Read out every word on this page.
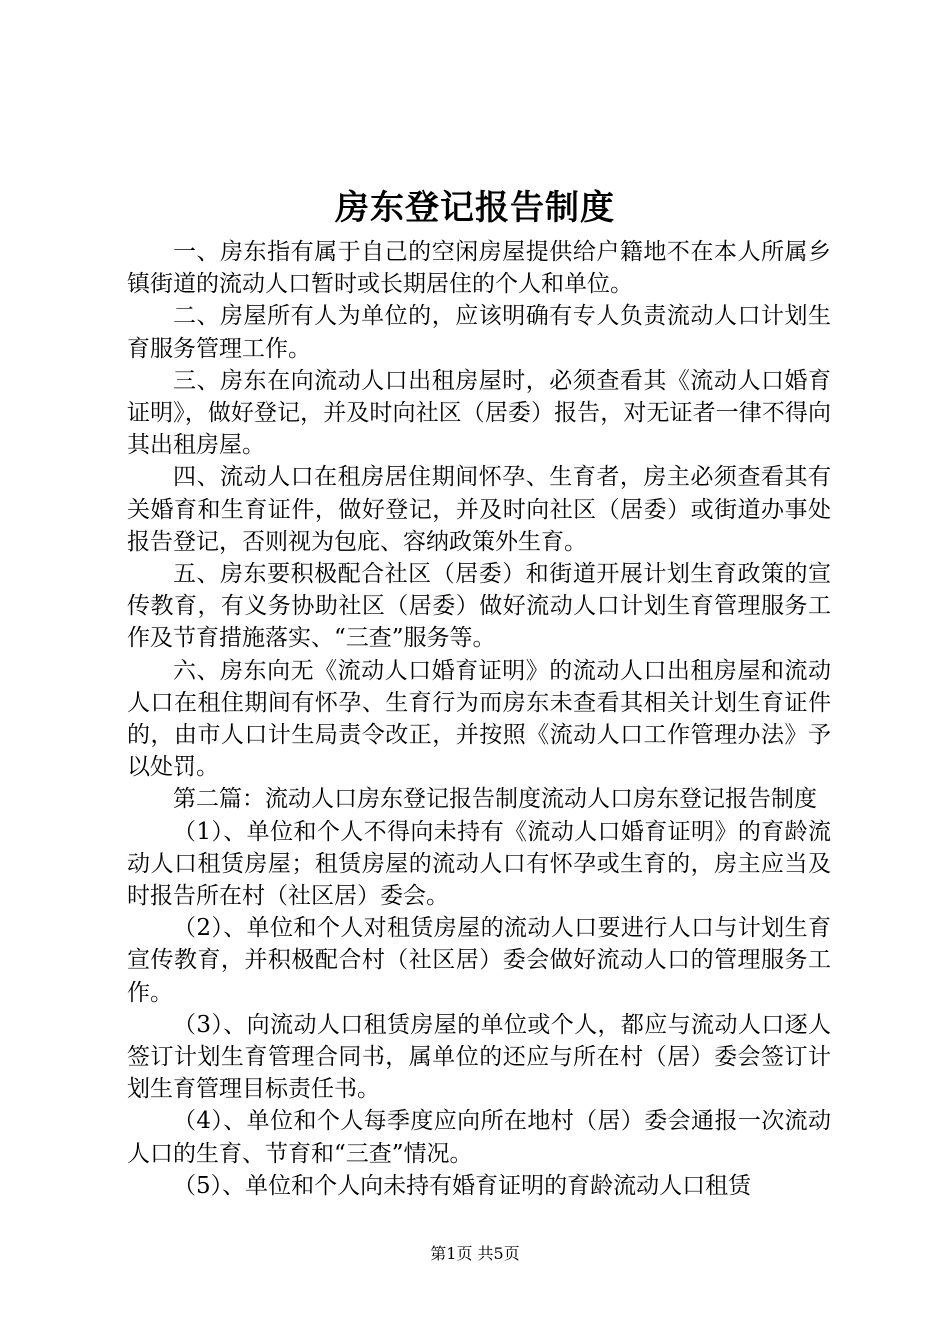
房东登记报告制度

一、房东指有属于自己的空闲房屋提供给户籍地不在本人所属乡镇街道的流动人口暂时或长期居住的个人和单位。

二、房屋所有人为单位的，应该明确有专人负责流动人口计划生育服务管理工作。

三、房东在向流动人口出租房屋时，必须查看其《流动人口婚育证明》，做好登记，并及时向社区（居委）报告，对无证者一律不得向其出租房屋。

四、流动人口在租房居住期间怀孕、生育者，房主必须查看其有关婚育和生育证件，做好登记，并及时向社区（居委）或街道办事处报告登记，否则视为包庇、容纳政策外生育。

五、房东要积极配合社区（居委）和街道开展计划生育政策的宣传教育，有义务协助社区（居委）做好流动人口计划生育管理服务工作及节育措施落实、“三查”服务等。

六、房东向无《流动人口婚育证明》的流动人口出租房屋和流动人口在租住期间有怀孕、生育行为而房东未查看其相关计划生育证件的，由市人口计生局责令改正，并按照《流动人口工作管理办法》予以处罚。

第二篇：流动人口房东登记报告制度流动人口房东登记报告制度

（1）、单位和个人不得向未持有《流动人口婚育证明》的育龄流动人口租赁房屋；租赁房屋的流动人口有怀孕或生育的，房主应当及时报告所在村（社区居）委会。

（2）、单位和个人对租赁房屋的流动人口要进行人口与计划生育宣传教育，并积极配合村（社区居）委会做好流动人口的管理服务工作。

（3）、向流动人口租赁房屋的单位或个人，都应与流动人口逐人签订计划生育管理合同书，属单位的还应与所在村（居）委会签订计划生育管理目标责任书。

（4）、单位和个人每季度应向所在地村（居）委会通报一次流动人口的生育、节育和“三查”情况。

（5）、单位和个人向未持有婚育证明的育龄流动人口租赁

第1页 共5页
